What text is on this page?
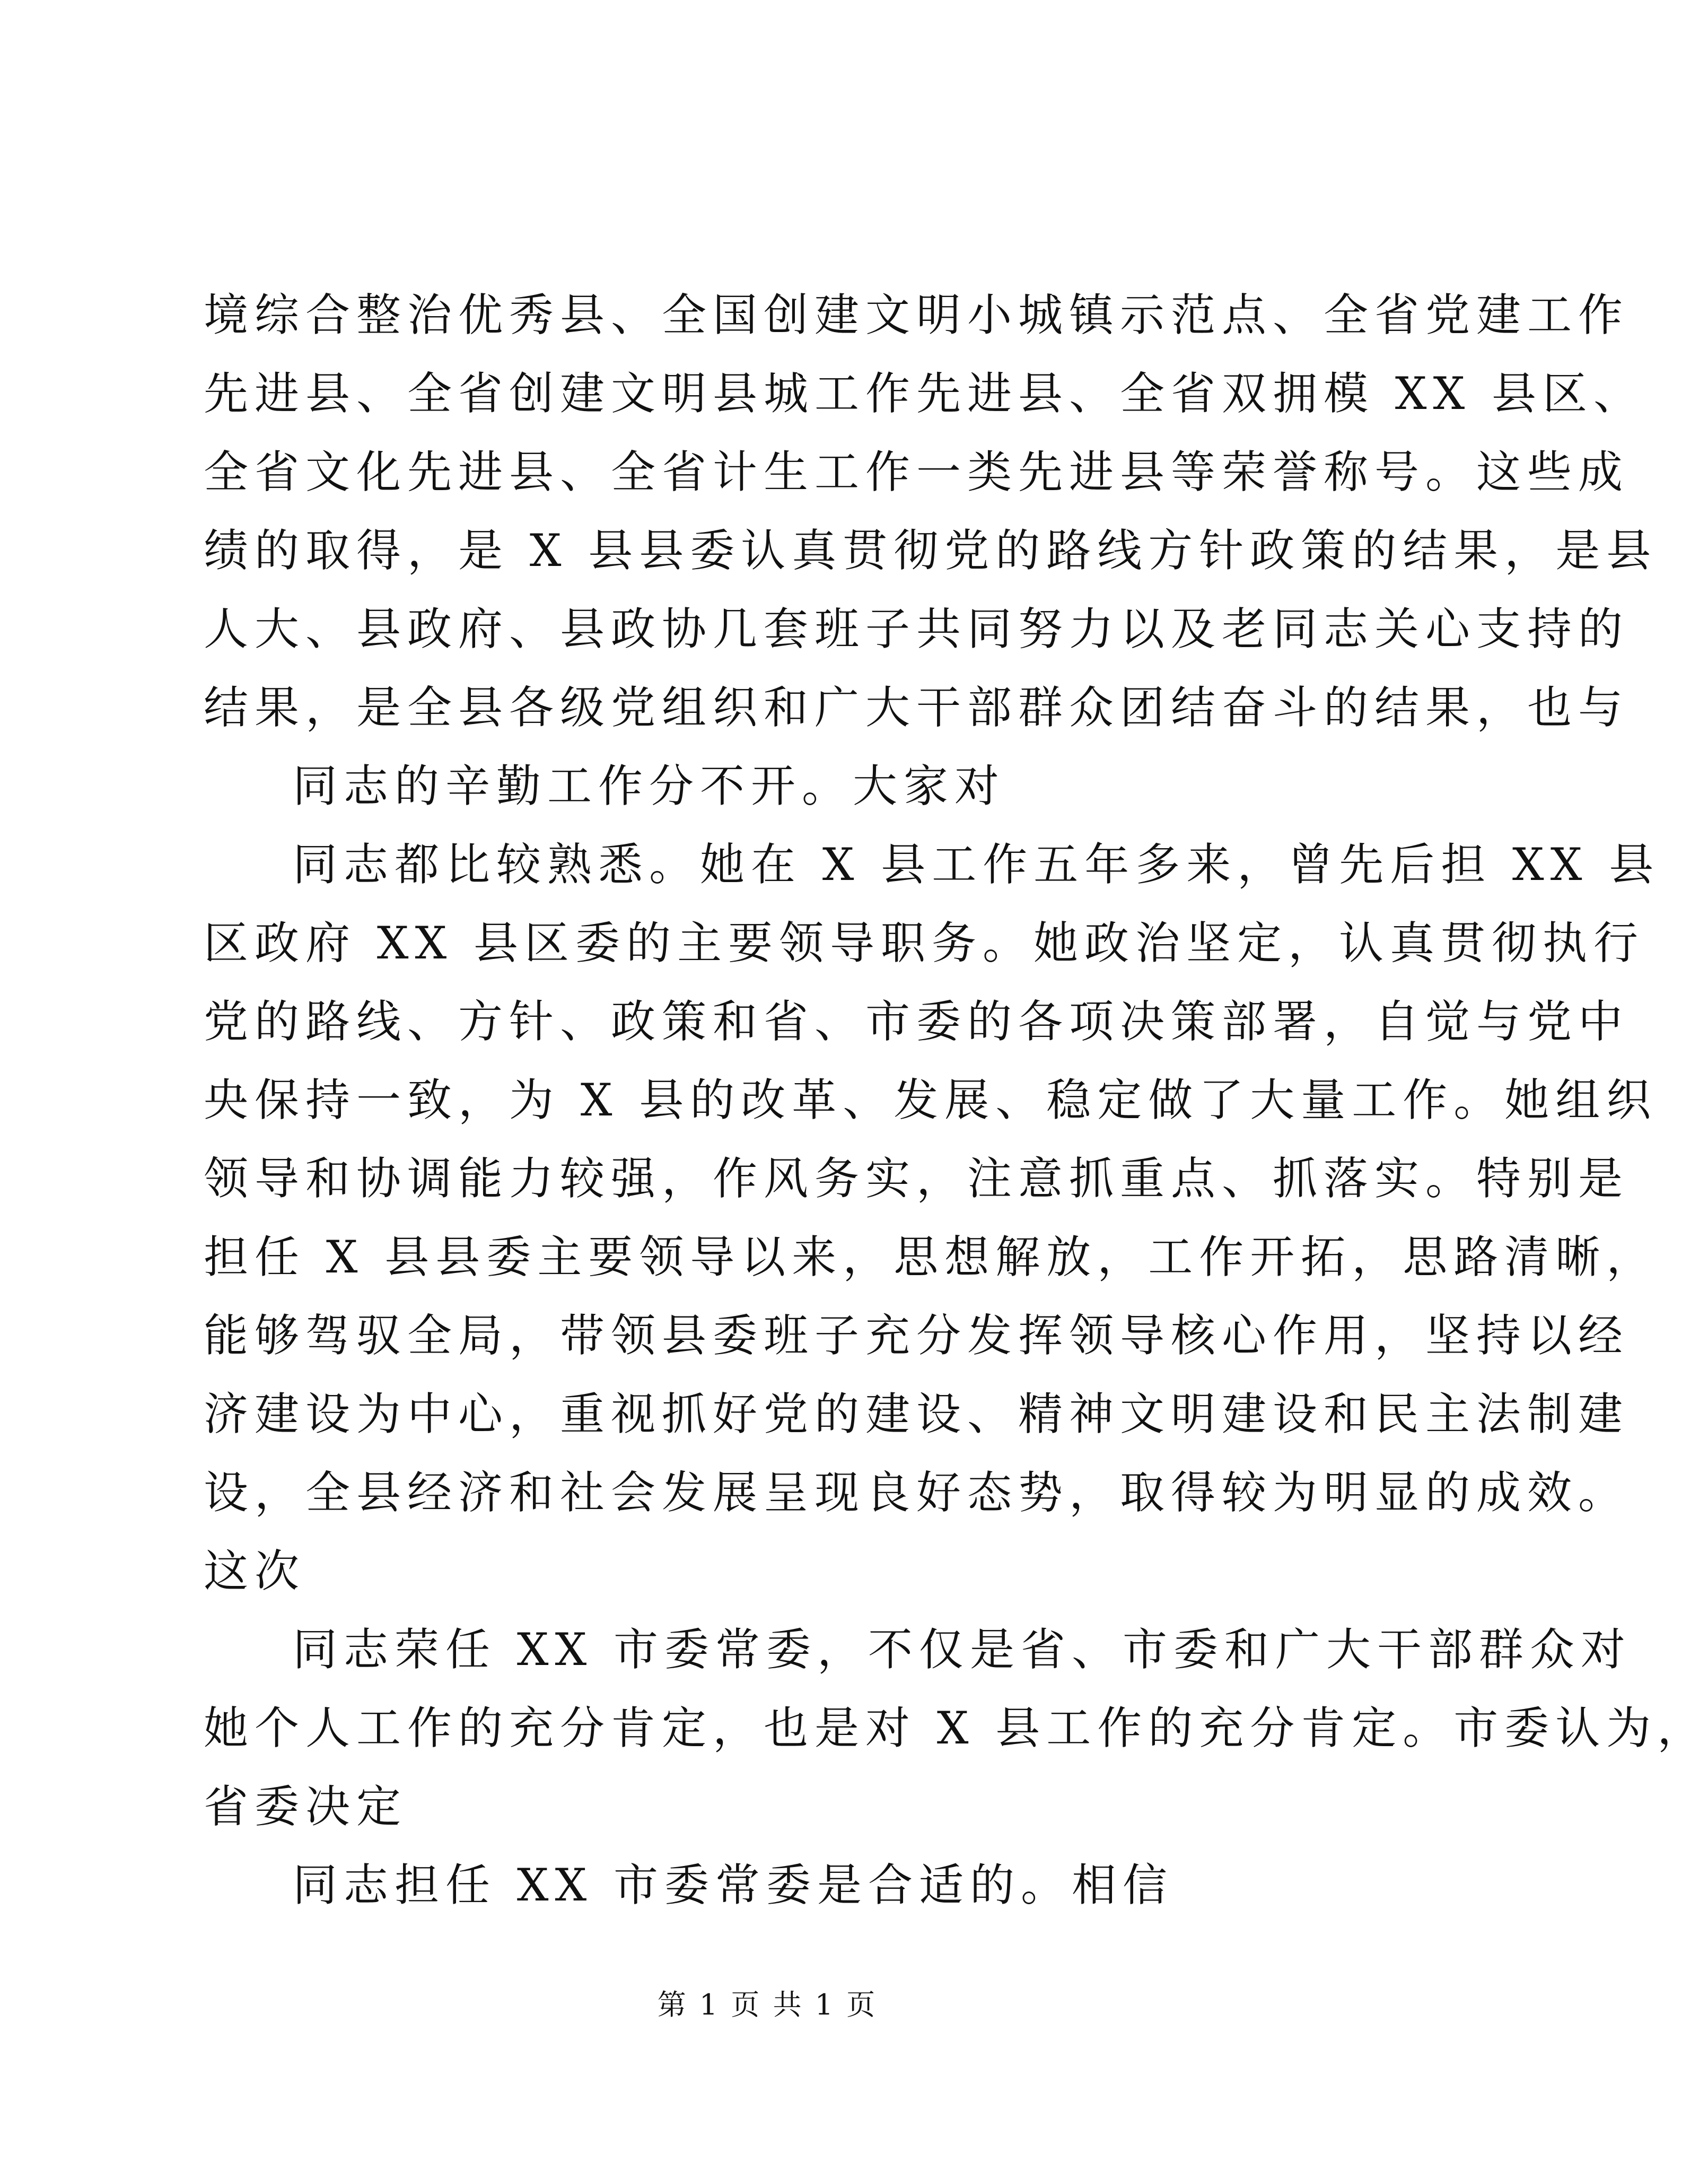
境综合整治优秀县、全国创建文明小城镇示范点、全省党建工作
先进县、全省创建文明县城工作先进县、全省双拥模 XX 县区、
全省文化先进县、全省计生工作一类先进县等荣誉称号。这些成
绩的取得，是 X 县县委认真贯彻党的路线方针政策的结果，是县
人大、县政府、县政协几套班子共同努力以及老同志关心支持的
结果，是全县各级党组织和广大干部群众团结奋斗的结果，也与
同志的辛勤工作分不开。大家对
同志都比较熟悉。她在 X 县工作五年多来，曾先后担 XX 县
区政府 XX 县区委的主要领导职务。她政治坚定，认真贯彻执行
党的路线、方针、政策和省、市委的各项决策部署，自觉与党中
央保持一致，为 X 县的改革、发展、稳定做了大量工作。她组织
领导和协调能力较强，作风务实，注意抓重点、抓落实。特别是
担任 X 县县委主要领导以来，思想解放，工作开拓，思路清晰，
能够驾驭全局，带领县委班子充分发挥领导核心作用，坚持以经
济建设为中心，重视抓好党的建设、精神文明建设和民主法制建
设，全县经济和社会发展呈现良好态势，取得较为明显的成效。
这次
同志荣任 XX 市委常委，不仅是省、市委和广大干部群众对
她个人工作的充分肯定，也是对 X 县工作的充分肯定。市委认为，
省委决定
同志担任 XX 市委常委是合适的。相信
第 1 页 共 1 页
